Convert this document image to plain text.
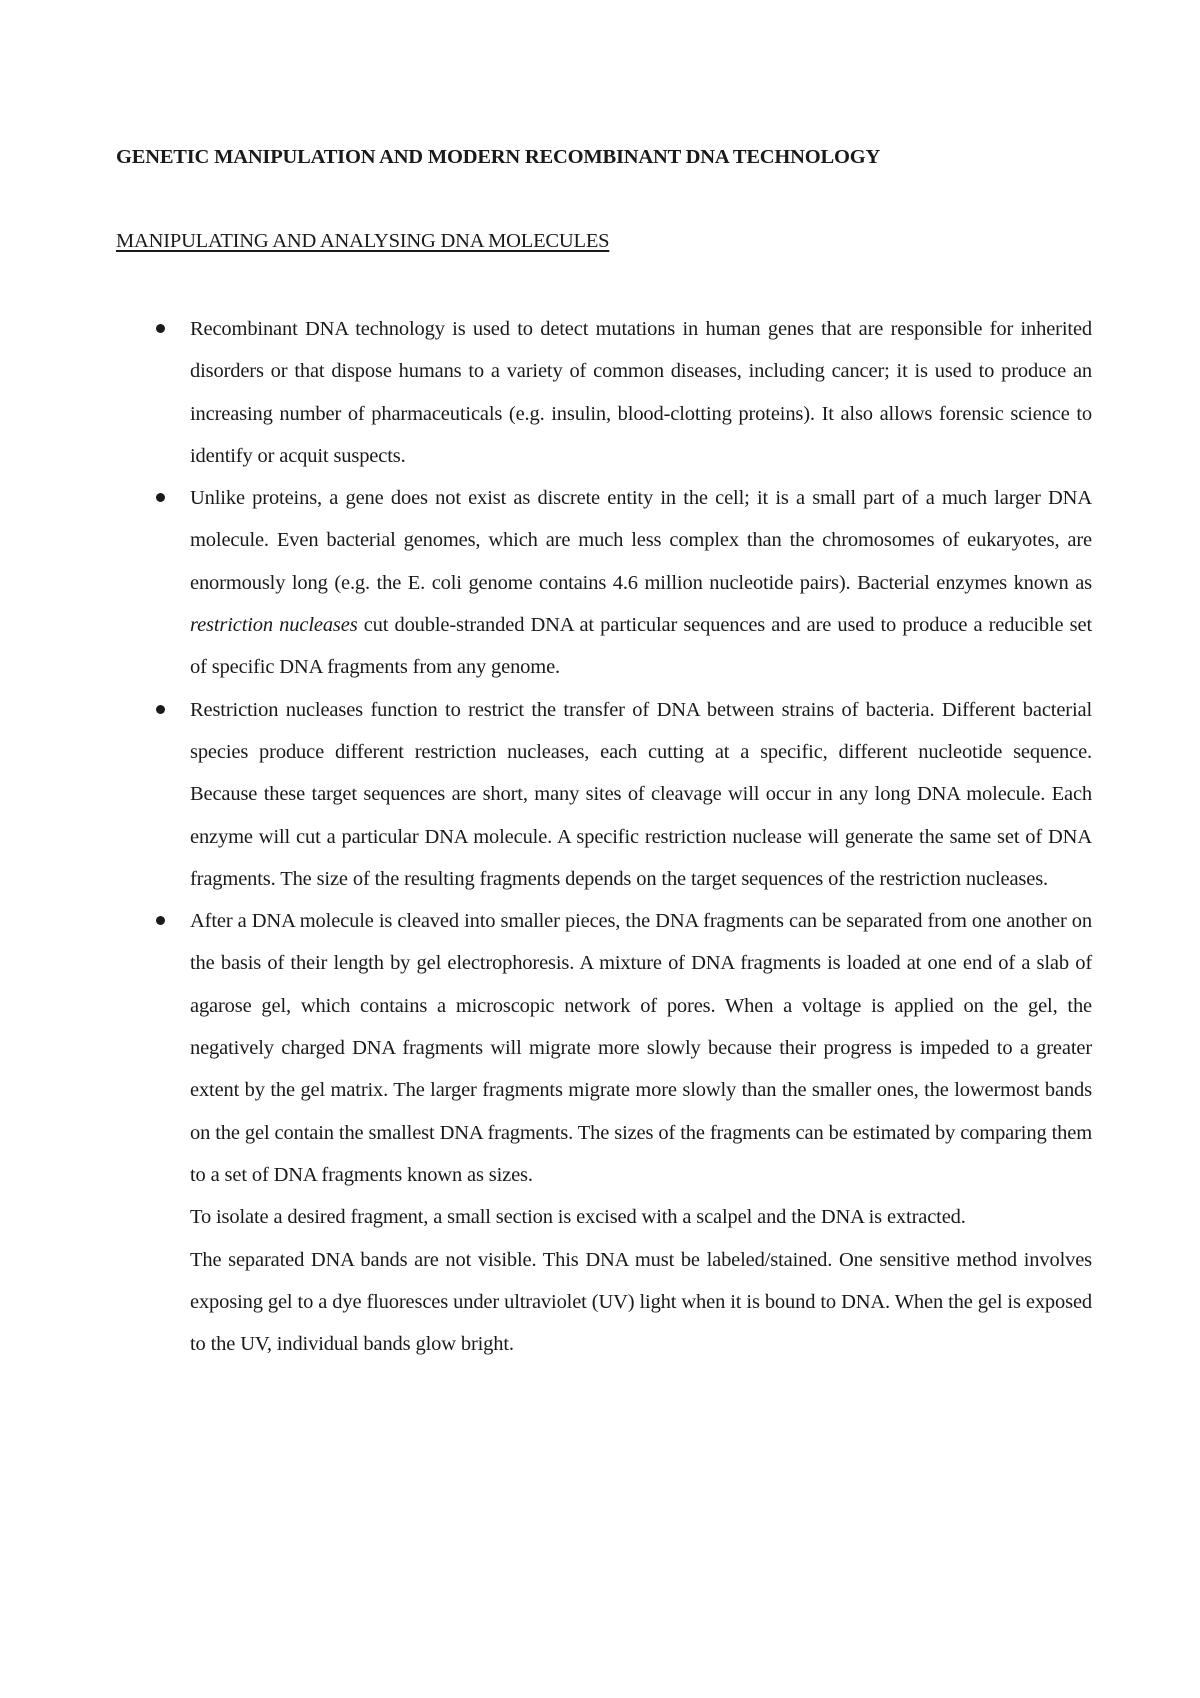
GENETIC MANIPULATION AND MODERN RECOMBINANT DNA TECHNOLOGY
MANIPULATING AND ANALYSING DNA MOLECULES

Recombinant DNA technology is used to detect mutations in human genes that are responsible for inherited disorders or that dispose humans to a variety of common diseases, including cancer; it is used to produce an increasing number of pharmaceuticals (e.g. insulin, blood-clotting proteins). It also allows forensic science to identify or acquit suspects.

Unlike proteins, a gene does not exist as discrete entity in the cell; it is a small part of a much larger DNA molecule. Even bacterial genomes, which are much less complex than the chromosomes of eukaryotes, are enormously long (e.g. the E. coli genome contains 4.6 million nucleotide pairs). Bacterial enzymes known as restriction nucleases cut double-stranded DNA at particular sequences and are used to produce a reducible set of specific DNA fragments from any genome.

Restriction nucleases function to restrict the transfer of DNA between strains of bacteria. Different bacterial species produce different restriction nucleases, each cutting at a specific, different nucleotide sequence. Because these target sequences are short, many sites of cleavage will occur in any long DNA molecule. Each enzyme will cut a particular DNA molecule. A specific restriction nuclease will generate the same set of DNA fragments. The size of the resulting fragments depends on the target sequences of the restriction nucleases.

After a DNA molecule is cleaved into smaller pieces, the DNA fragments can be separated from one another on the basis of their length by gel electrophoresis. A mixture of DNA fragments is loaded at one end of a slab of agarose gel, which contains a microscopic network of pores. When a voltage is applied on the gel, the negatively charged DNA fragments will migrate more slowly because their progress is impeded to a greater extent by the gel matrix. The larger fragments migrate more slowly than the smaller ones, the lowermost bands on the gel contain the smallest DNA fragments. The sizes of the fragments can be estimated by comparing them to a set of DNA fragments known as sizes.

To isolate a desired fragment, a small section is excised with a scalpel and the DNA is extracted.

The separated DNA bands are not visible. This DNA must be labeled/stained. One sensitive method involves exposing gel to a dye fluoresces under ultraviolet (UV) light when it is bound to DNA. When the gel is exposed to the UV, individual bands glow bright.
